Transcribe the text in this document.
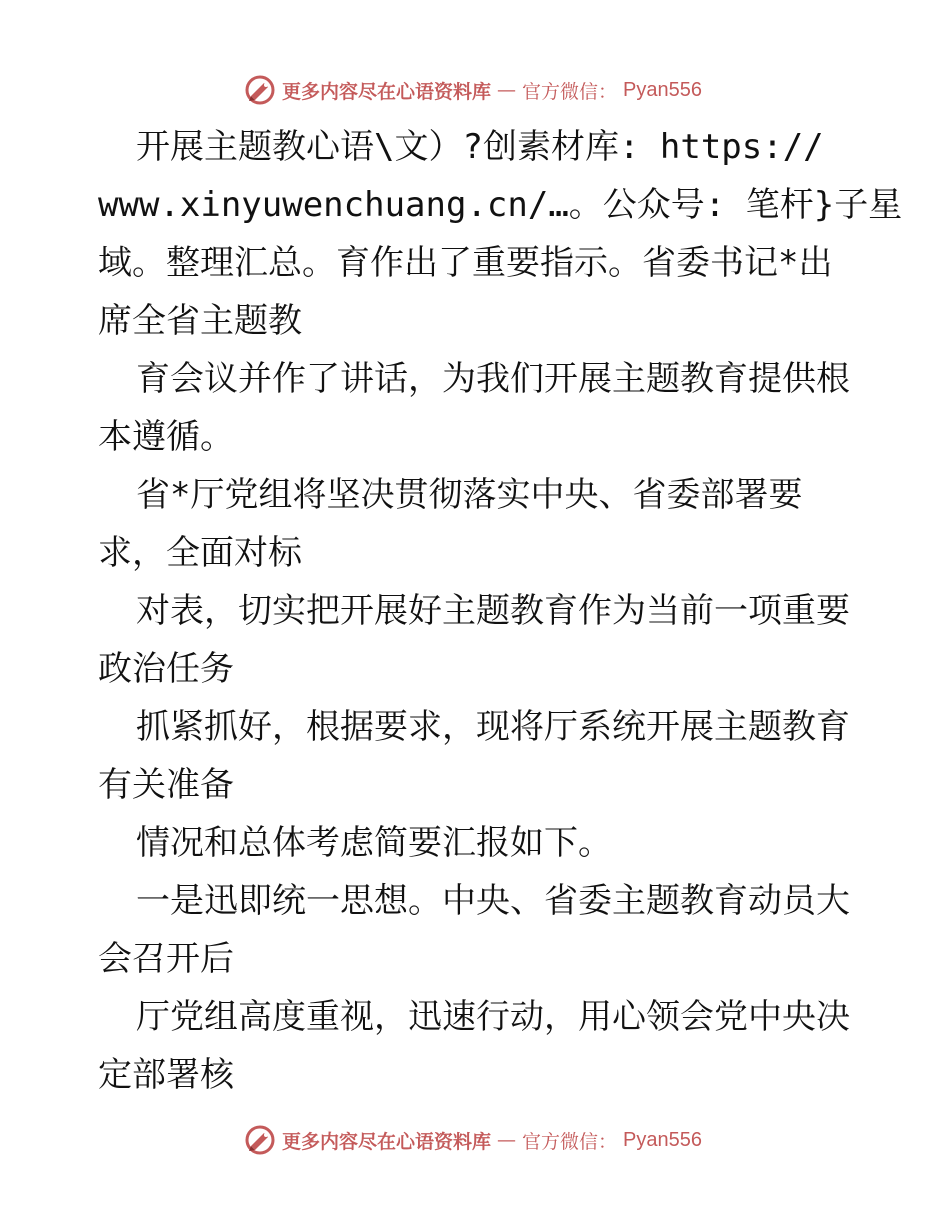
更多内容尽在心语资料库 — 官方微信： Pyan556
开展主题教心语\文）?创素材库: https://
www.xinyuwenchuang.cn/…。公众号: 笔杆}子星
域。整理汇总。育作出了重要指示。省委书记*出
席全省主题教
育会议并作了讲话，为我们开展主题教育提供根
本遵循。
省*厅党组将坚决贯彻落实中央、省委部署要
求，全面对标
对表，切实把开展好主题教育作为当前一项重要
政治任务
抓紧抓好，根据要求，现将厅系统开展主题教育
有关准备
情况和总体考虑简要汇报如下。
一是迅即统一思想。中央、省委主题教育动员大
会召开后
厅党组高度重视，迅速行动，用心领会党中央决
定部署核
更多内容尽在心语资料库 — 官方微信： Pyan556
